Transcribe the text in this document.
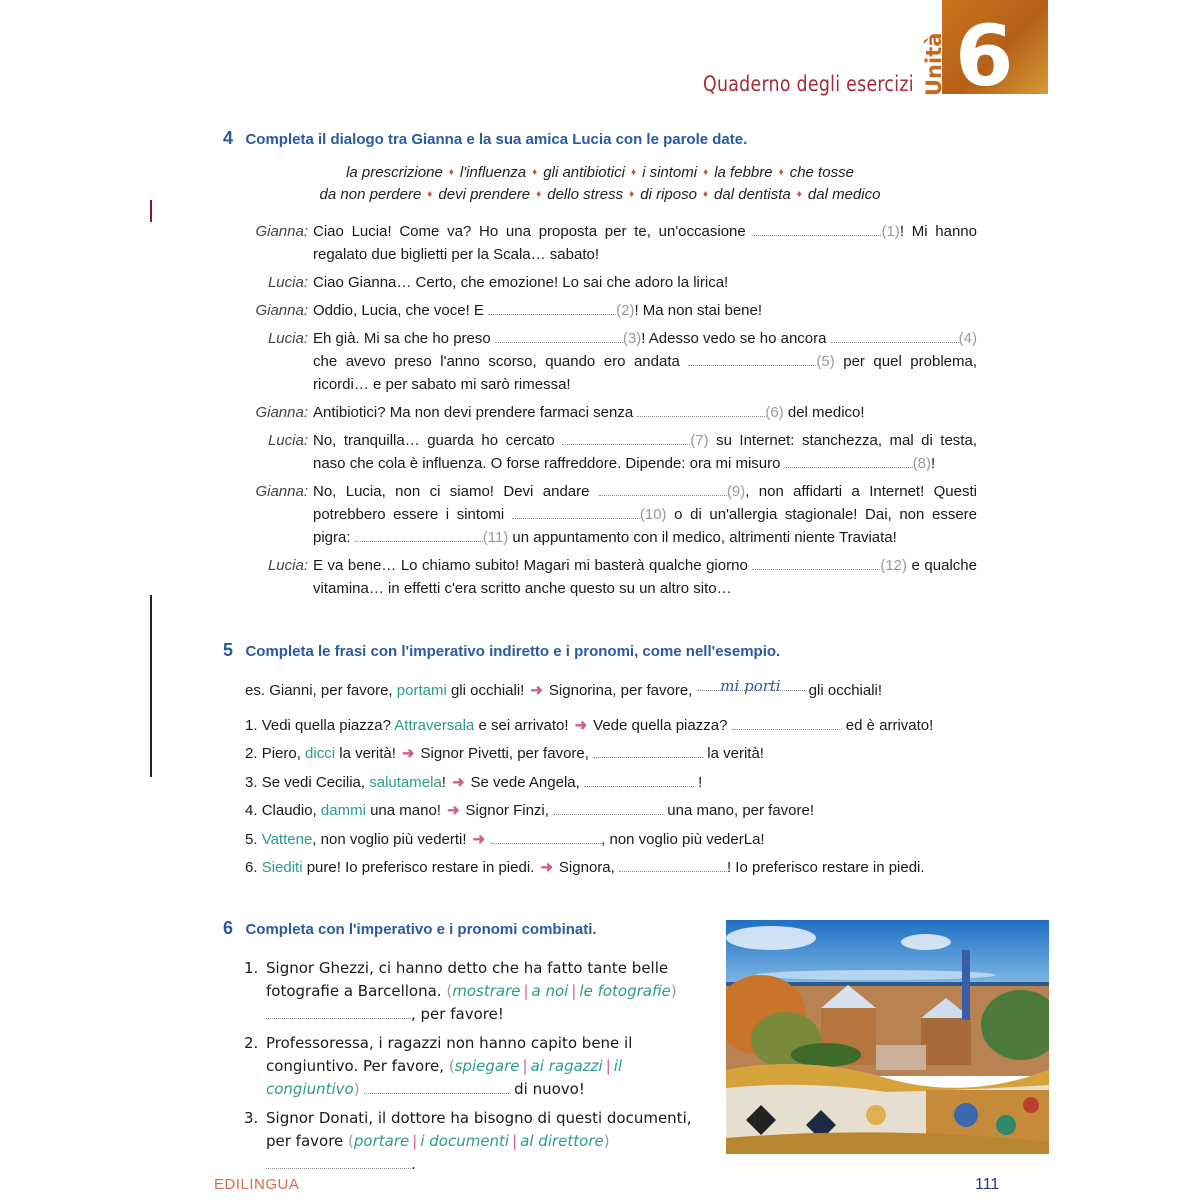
Quaderno degli esercizi 6
Unità
4 Completa il dialogo tra Gianna e la sua amica Lucia con le parole date.
la prescrizione ♦ l'influenza ♦ gli antibiotici ♦ i sintomi ♦ la febbre ♦ che tosse
da non perdere ♦ devi prendere ♦ dello stress ♦ di riposo ♦ dal dentista ♦ dal medico
Gianna: Ciao Lucia! Come va? Ho una proposta per te, un'occasione	(1)! Mi hanno regalato due biglietti per la Scala… sabato!
Lucia: Ciao Gianna… Certo, che emozione! Lo sai che adoro la lirica!
Gianna: Oddio, Lucia, che voce! E	(2)! Ma non stai bene!
Lucia: Eh già. Mi sa che ho preso	(3)! Adesso vedo se ho ancora	(4) che avevo preso l'anno scorso, quando ero andata	(5) per quel problema, ricordi… e per sabato mi sarò rimessa!
Gianna: Antibiotici? Ma non devi prendere farmaci senza	(6) del medico!
Lucia: No, tranquilla… guarda ho cercato	(7) su Internet: stanchezza, mal di testa, naso che cola è influenza. O forse raffreddore. Dipende: ora mi misuro	(8)!
Gianna: No, Lucia, non ci siamo! Devi andare	(9), non affidarti a Internet! Questi potrebbero essere i sintomi	(10) o di un'allergia stagionale! Dai, non essere pigra:	(11) un appuntamento con il medico, altrimenti niente Traviata!
Lucia: E va bene… Lo chiamo subito! Magari mi basterà qualche giorno	(12) e qualche vitamina… in effetti c'era scritto anche questo su un altro sito…
5 Completa le frasi con l'imperativo indiretto e i pronomi, come nell'esempio.
es. Gianni, per favore, portami gli occhiali! ➜ Signorina, per favore, mi porti gli occhiali!
1. Vedi quella piazza? Attraversala e sei arrivato! ➜ Vede quella piazza?	ed è arrivato!
2. Piero, dicci la verità! ➜ Signor Pivetti, per favore,	la verità!
3. Se vedi Cecilia, salutamela! ➜ Se vede Angela,	!
4. Claudio, dammi una mano! ➜ Signor Finzi,	una mano, per favore!
5. Vattene, non voglio più vederti! ➜	, non voglio più vederLa!
6. Siediti pure! Io preferisco restare in piedi. ➜ Signora,	! Io preferisco restare in piedi.
6 Completa con l'imperativo e i pronomi combinati.
1. Signor Ghezzi, ci hanno detto che ha fatto tante belle fotografie a Barcellona. (mostrare | a noi | le fotografie) , per favore!
2. Professoressa, i ragazzi non hanno capito bene il congiuntivo. Per favore, (spiegare | ai ragazzi | il congiuntivo)	di nuovo!
3. Signor Donati, il dottore ha bisogno di questi documenti, per favore (portare | i documenti | al direttore) .
EDILINGUA	111
